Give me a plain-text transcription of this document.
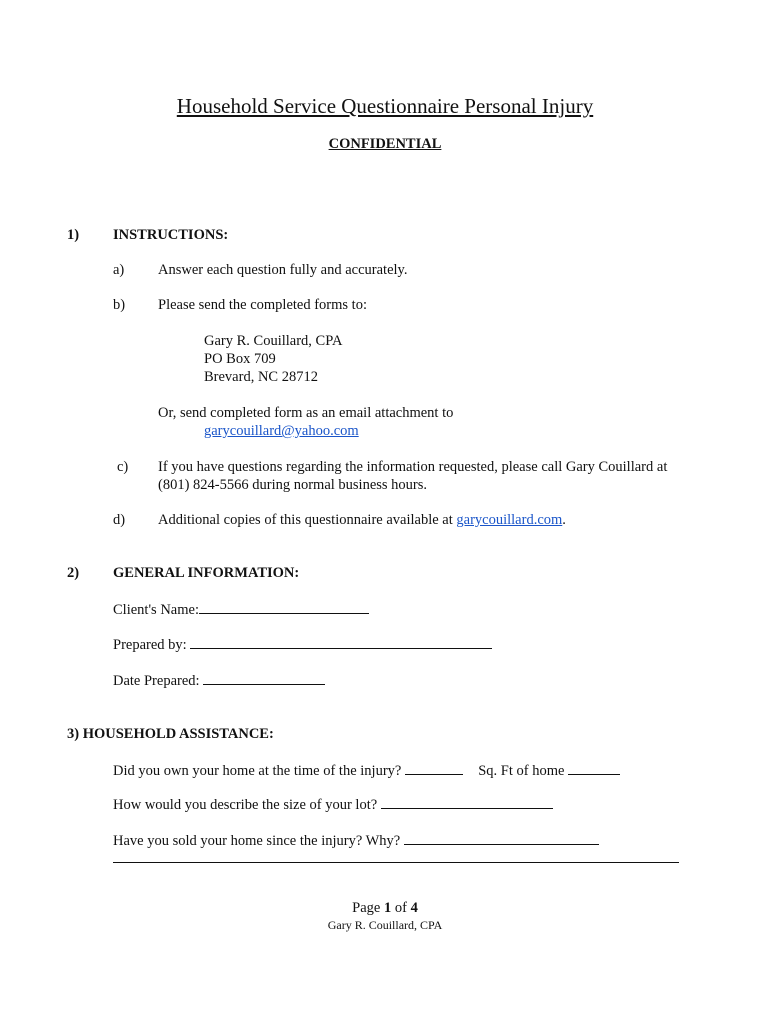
Household Service Questionnaire Personal Injury
CONFIDENTIAL
1) INSTRUCTIONS:
a) Answer each question fully and accurately.
b) Please send the completed forms to:
Gary R. Couillard, CPA
PO Box 709
Brevard, NC 28712
Or, send completed form as an email attachment to
garycouillard@yahoo.com
c) If you have questions regarding the information requested, please call Gary Couillard at
(801) 824-5566 during normal business hours.
d) Additional copies of this questionnaire available at garycouillard.com.
2) GENERAL INFORMATION:
Client's Name:
Prepared by:
Date Prepared:
3) HOUSEHOLD ASSISTANCE:
Did you own your home at the time of the injury?	Sq. Ft of home
How would you describe the size of your lot?
Have you sold your home since the injury? Why?
Page 1 of 4
Gary R. Couillard, CPA
